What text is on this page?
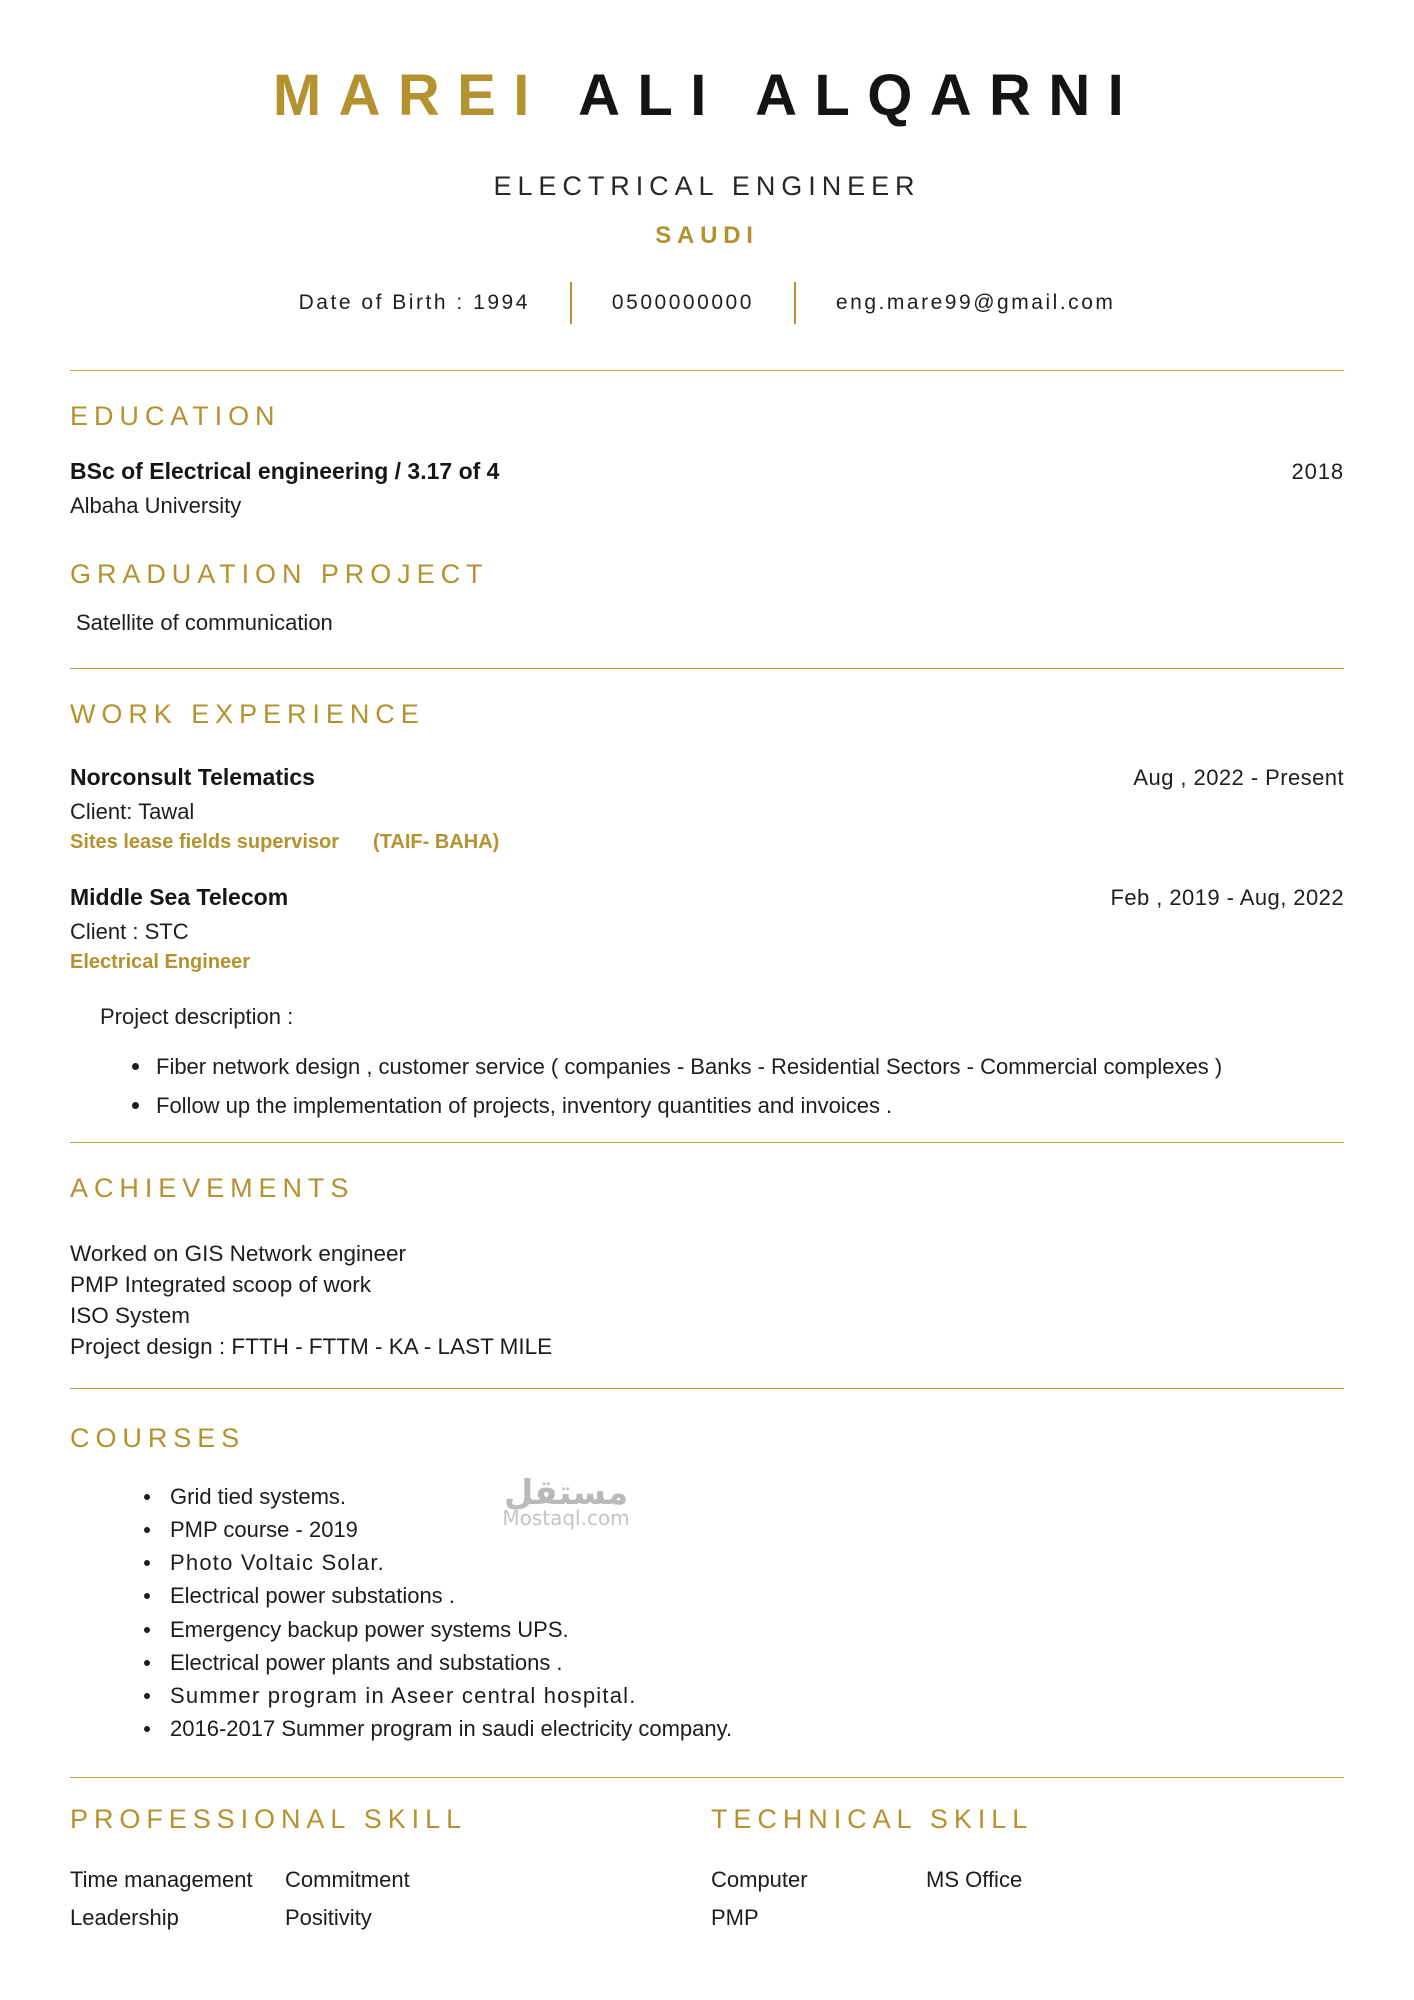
MAREI ALI ALQARNI
ELECTRICAL ENGINEER
SAUDI
Date of Birth : 1994	0500000000	eng.mare99@gmail.com
EDUCATION
BSc of Electrical engineering / 3.17 of 4	2018
Albaha University
GRADUATION PROJECT
Satellite of communication
WORK EXPERIENCE
Norconsult Telematics	Aug , 2022 - Present
Client: Tawal
Sites lease fields supervisor (TAIF- BAHA)
Middle Sea Telecom	Feb , 2019 - Aug, 2022
Client : STC
Electrical Engineer
Project description :
Fiber network design , customer service ( companies - Banks - Residential Sectors - Commercial complexes )
Follow up the implementation of projects, inventory quantities and invoices .
ACHIEVEMENTS
Worked on GIS Network engineer
PMP Integrated scoop of work
ISO System
Project design : FTTH - FTTM - KA - LAST MILE
COURSES
Grid tied systems.
PMP course - 2019
Photo Voltaic Solar.
Electrical power substations .
Emergency backup power systems UPS.
Electrical power plants and substations .
Summer program in Aseer central hospital.
2016-2017 Summer program in saudi electricity company.
PROFESSIONAL SKILL
Time management	Commitment
Leadership	Positivity
TECHNICAL SKILL
Computer	MS Office
PMP
مستقل
Mostaql.com
